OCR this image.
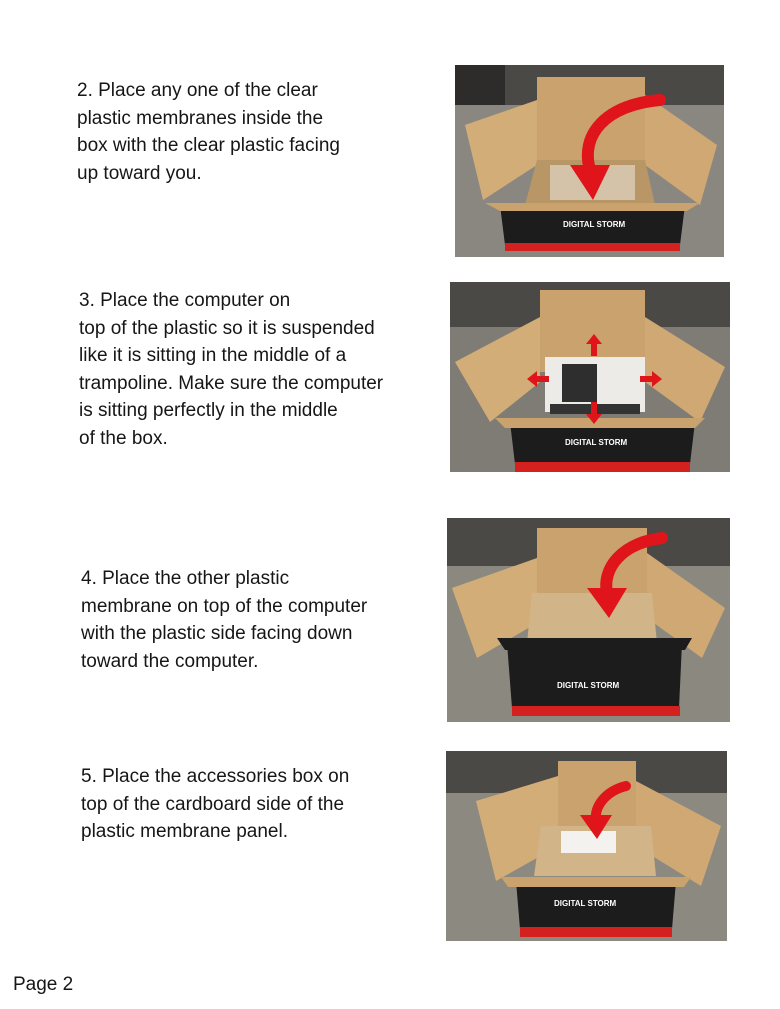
2. Place any one of the clear
plastic membranes inside the
box with the clear plastic facing
up toward you.
DIGITAL STORM
3. Place the computer on
top of the plastic so it is suspended
like it is sitting in the middle of a
trampoline. Make sure the computer
is sitting perfectly in the middle
of the box.	DIGITAL STORM
4. Place the other plastic
membrane on top of the computer
with the plastic side facing down
toward the computer.
DIGITAL STORM
5. Place the accessories box on
top of the cardboard side of the
plastic membrane panel.
DIGITAL STORM
Page 2
